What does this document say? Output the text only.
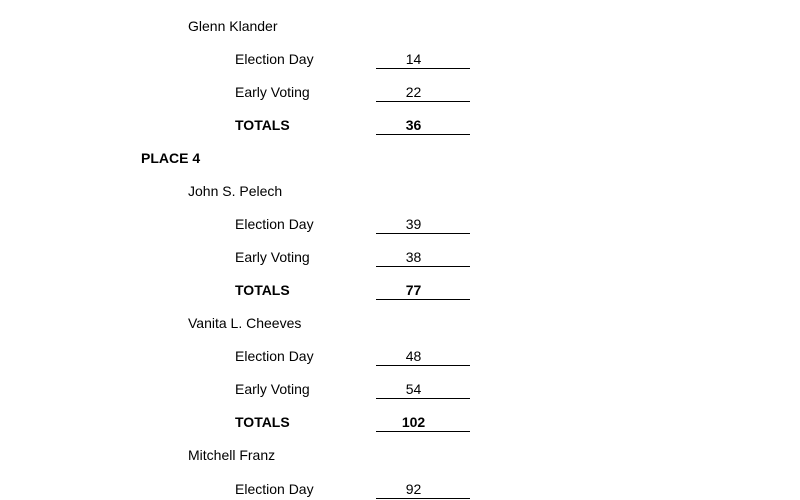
Glenn Klander
Election Day	14
Early Voting	22
TOTALS	36
PLACE 4
John S. Pelech
Election Day	39
Early Voting	38
TOTALS	77
Vanita L. Cheeves
Election Day	48
Early Voting	54
TOTALS	102
Mitchell Franz
Election Day	92
